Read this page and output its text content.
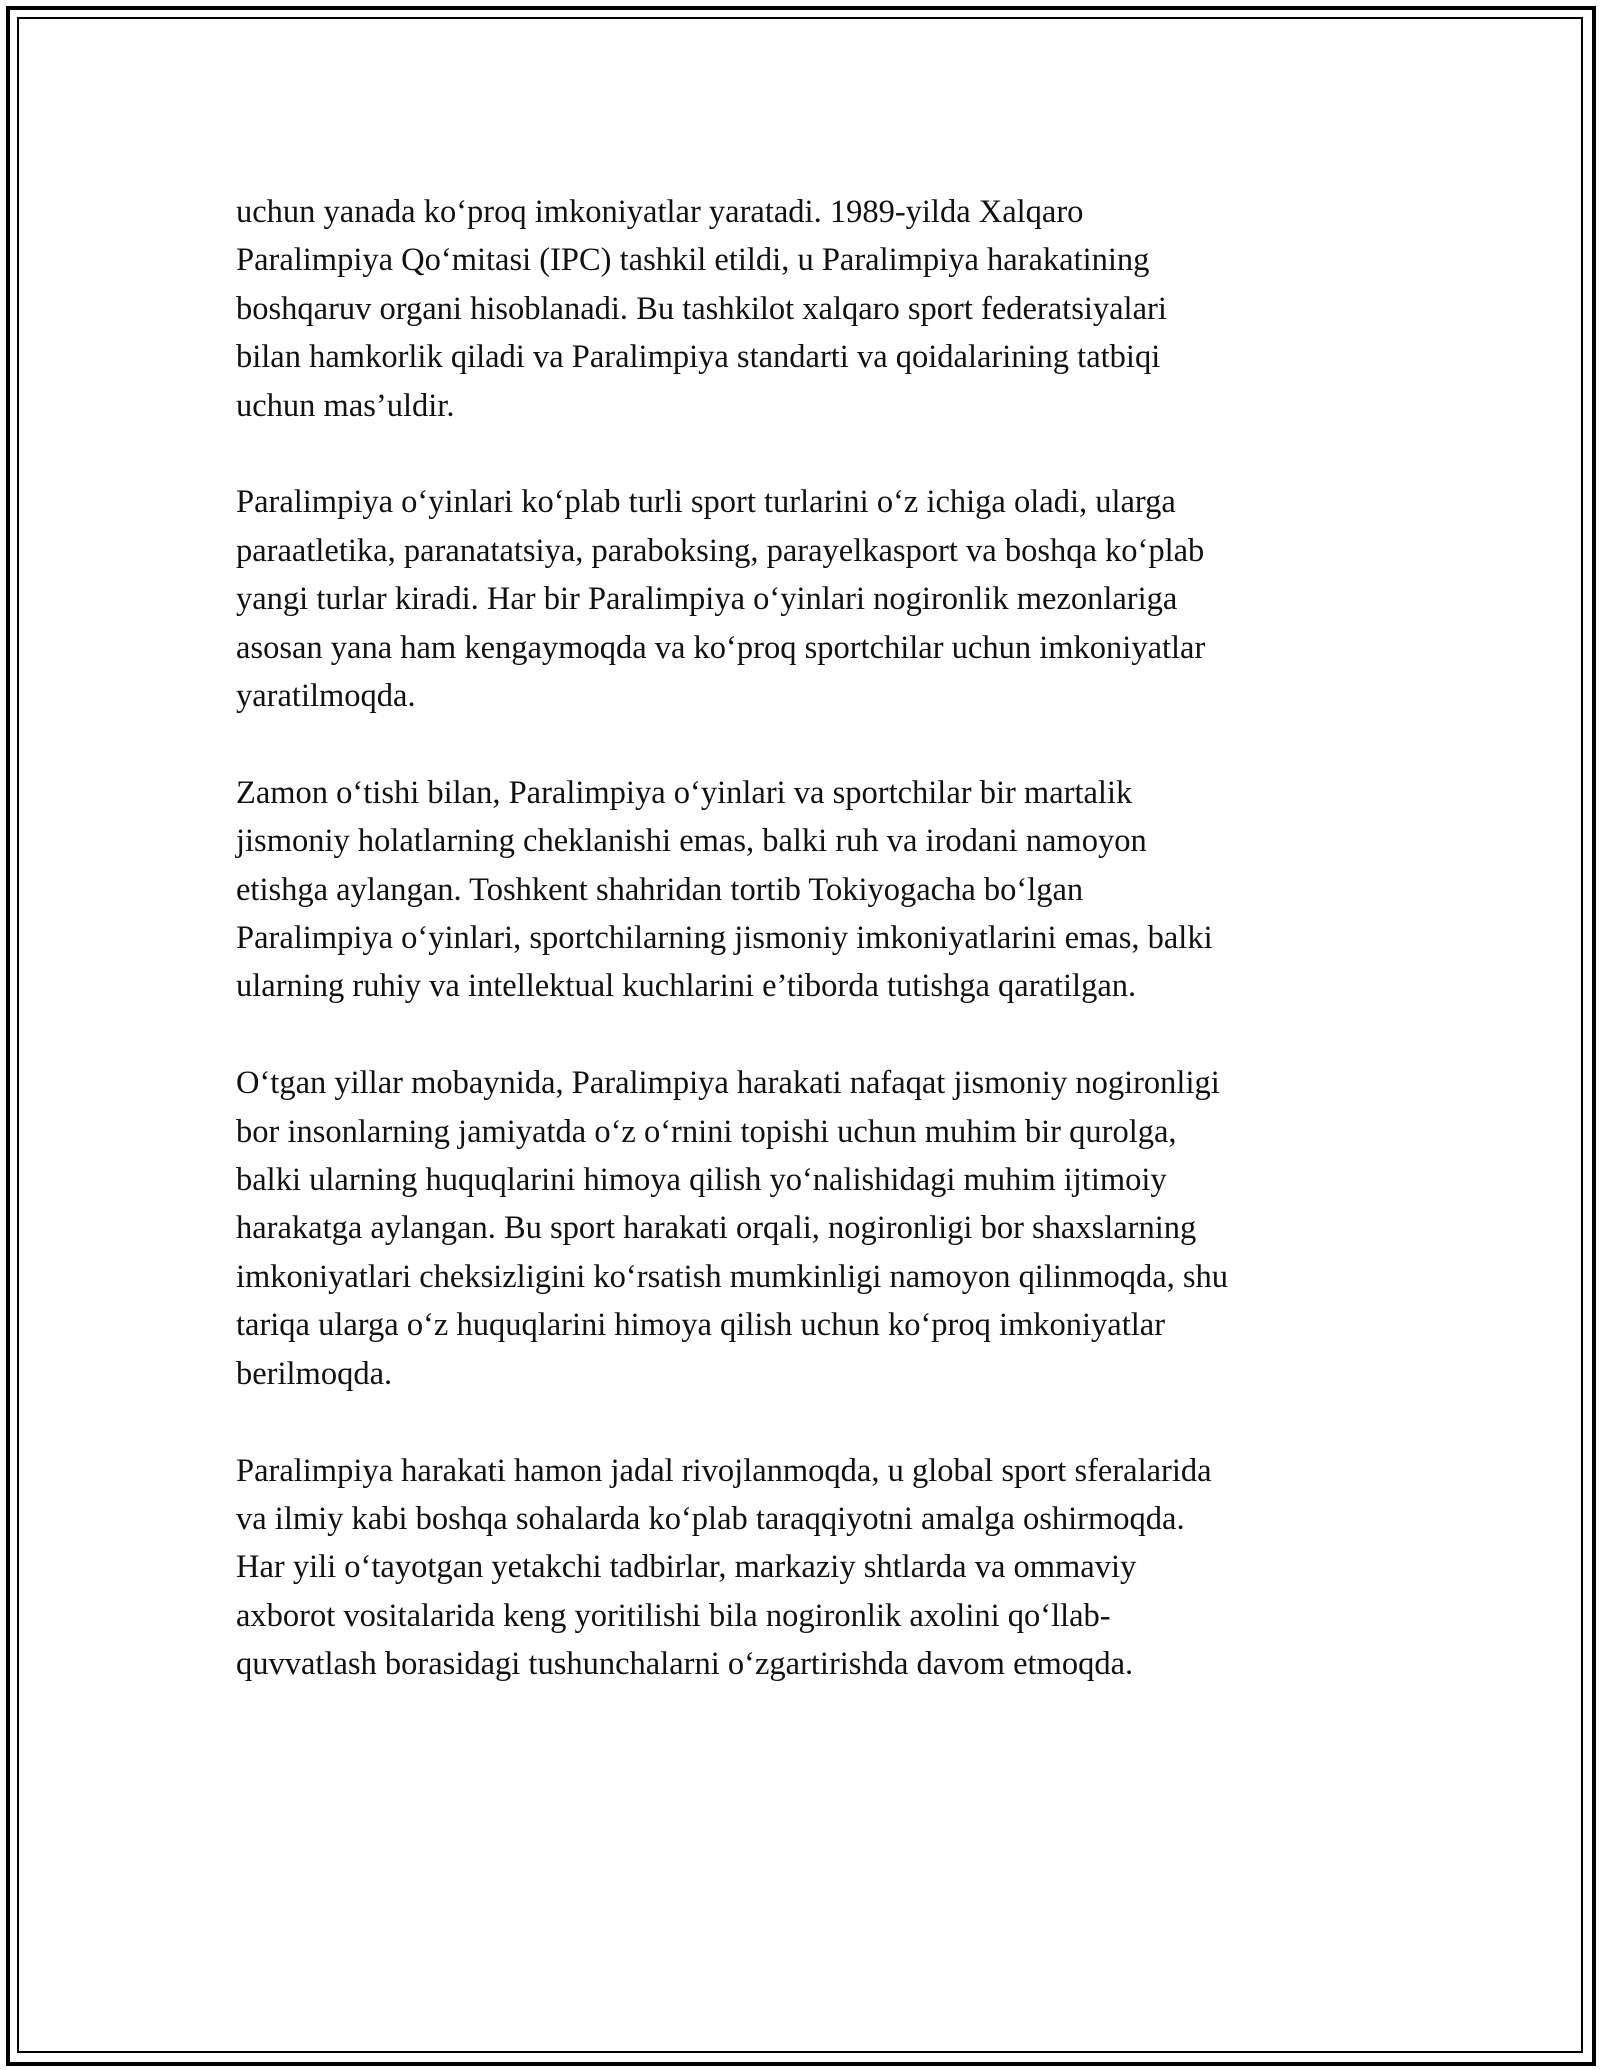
uchun yanada ko‘proq imkoniyatlar yaratadi. 1989-yilda Xalqaro
Paralimpiya Qo‘mitasi (IPC) tashkil etildi, u Paralimpiya harakatining
boshqaruv organi hisoblanadi. Bu tashkilot xalqaro sport federatsiyalari
bilan hamkorlik qiladi va Paralimpiya standarti va qoidalarining tatbiqi
uchun mas’uldir.

Paralimpiya o‘yinlari ko‘plab turli sport turlarini o‘z ichiga oladi, ularga
paraatletika, paranatatsiya, paraboksing, parayelkasport va boshqa ko‘plab
yangi turlar kiradi. Har bir Paralimpiya o‘yinlari nogironlik mezonlariga
asosan yana ham kengaymoqda va ko‘proq sportchilar uchun imkoniyatlar
yaratilmoqda.

Zamon o‘tishi bilan, Paralimpiya o‘yinlari va sportchilar bir martalik
jismoniy holatlarning cheklanishi emas, balki ruh va irodani namoyon
etishga aylangan. Toshkent shahridan tortib Tokiyogacha bo‘lgan
Paralimpiya o‘yinlari, sportchilarning jismoniy imkoniyatlarini emas, balki
ularning ruhiy va intellektual kuchlarini e’tiborda tutishga qaratilgan.

O‘tgan yillar mobaynida, Paralimpiya harakati nafaqat jismoniy nogironligi
bor insonlarning jamiyatda o‘z o‘rnini topishi uchun muhim bir qurolga,
balki ularning huquqlarini himoya qilish yo‘nalishidagi muhim ijtimoiy
harakatga aylangan. Bu sport harakati orqali, nogironligi bor shaxslarning
imkoniyatlari cheksizligini ko‘rsatish mumkinligi namoyon qilinmoqda, shu
tariqa ularga o‘z huquqlarini himoya qilish uchun ko‘proq imkoniyatlar
berilmoqda.

Paralimpiya harakati hamon jadal rivojlanmoqda, u global sport sferalarida
va ilmiy kabi boshqa sohalarda ko‘plab taraqqiyotni amalga oshirmoqda.
Har yili o‘tayotgan yetakchi tadbirlar, markaziy shtlarda va ommaviy
axborot vositalarida keng yoritilishi bila nogironlik axolini qo‘llab-
quvvatlash borasidagi tushunchalarni o‘zgartirishda davom etmoqda.
